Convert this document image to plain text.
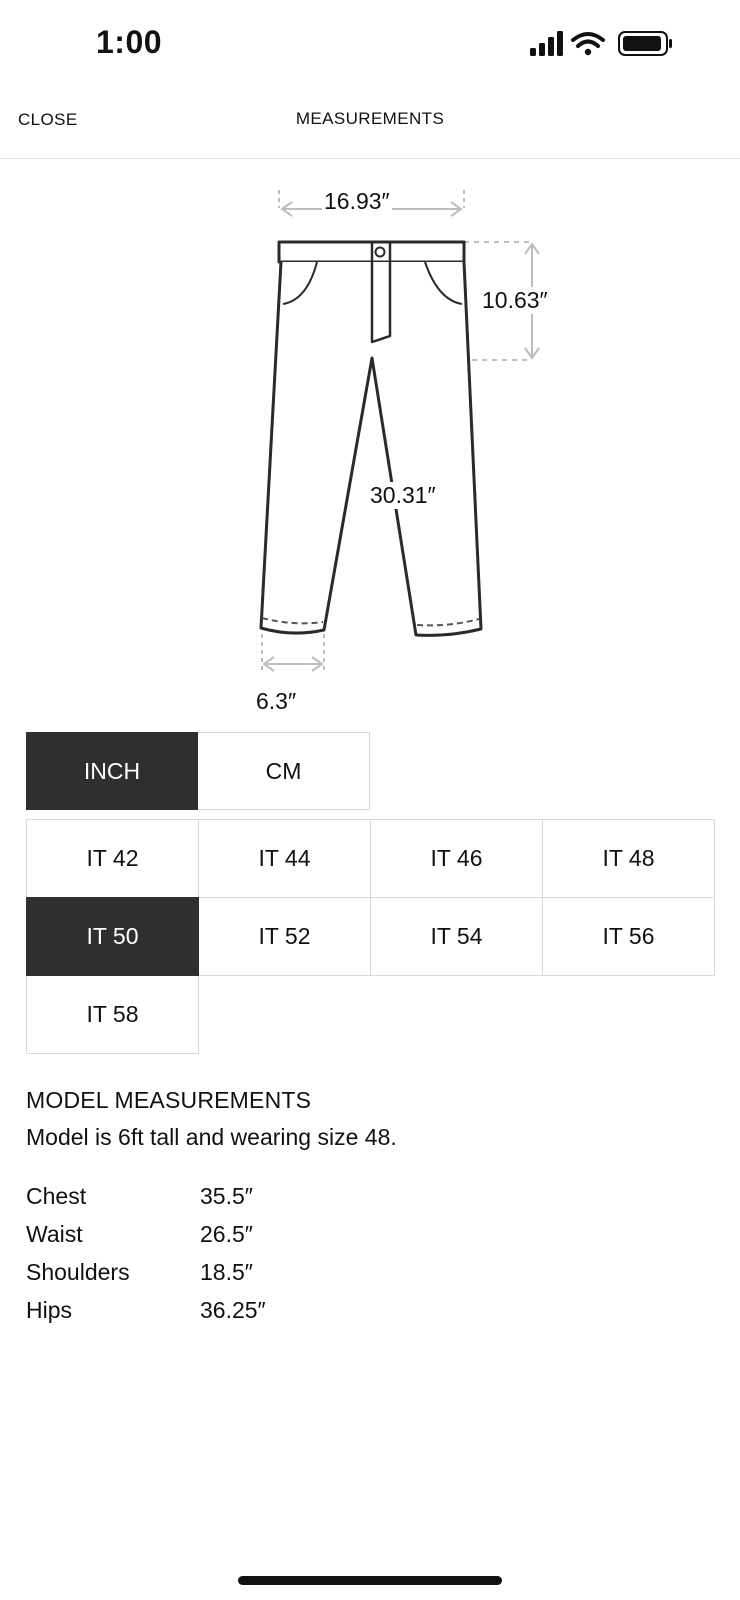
1:00
CLOSE	MEASUREMENTS
16.93″
10.63″
30.31″
6.3″
INCH	CM
IT 42	IT 44	IT 46	IT 48
IT 50	IT 52	IT 54	IT 56
IT 58
MODEL MEASUREMENTS

Model is 6ft tall and wearing size 48.

Chest	35.5″
Waist	26.5″
Shoulders	18.5″
Hips	36.25″
